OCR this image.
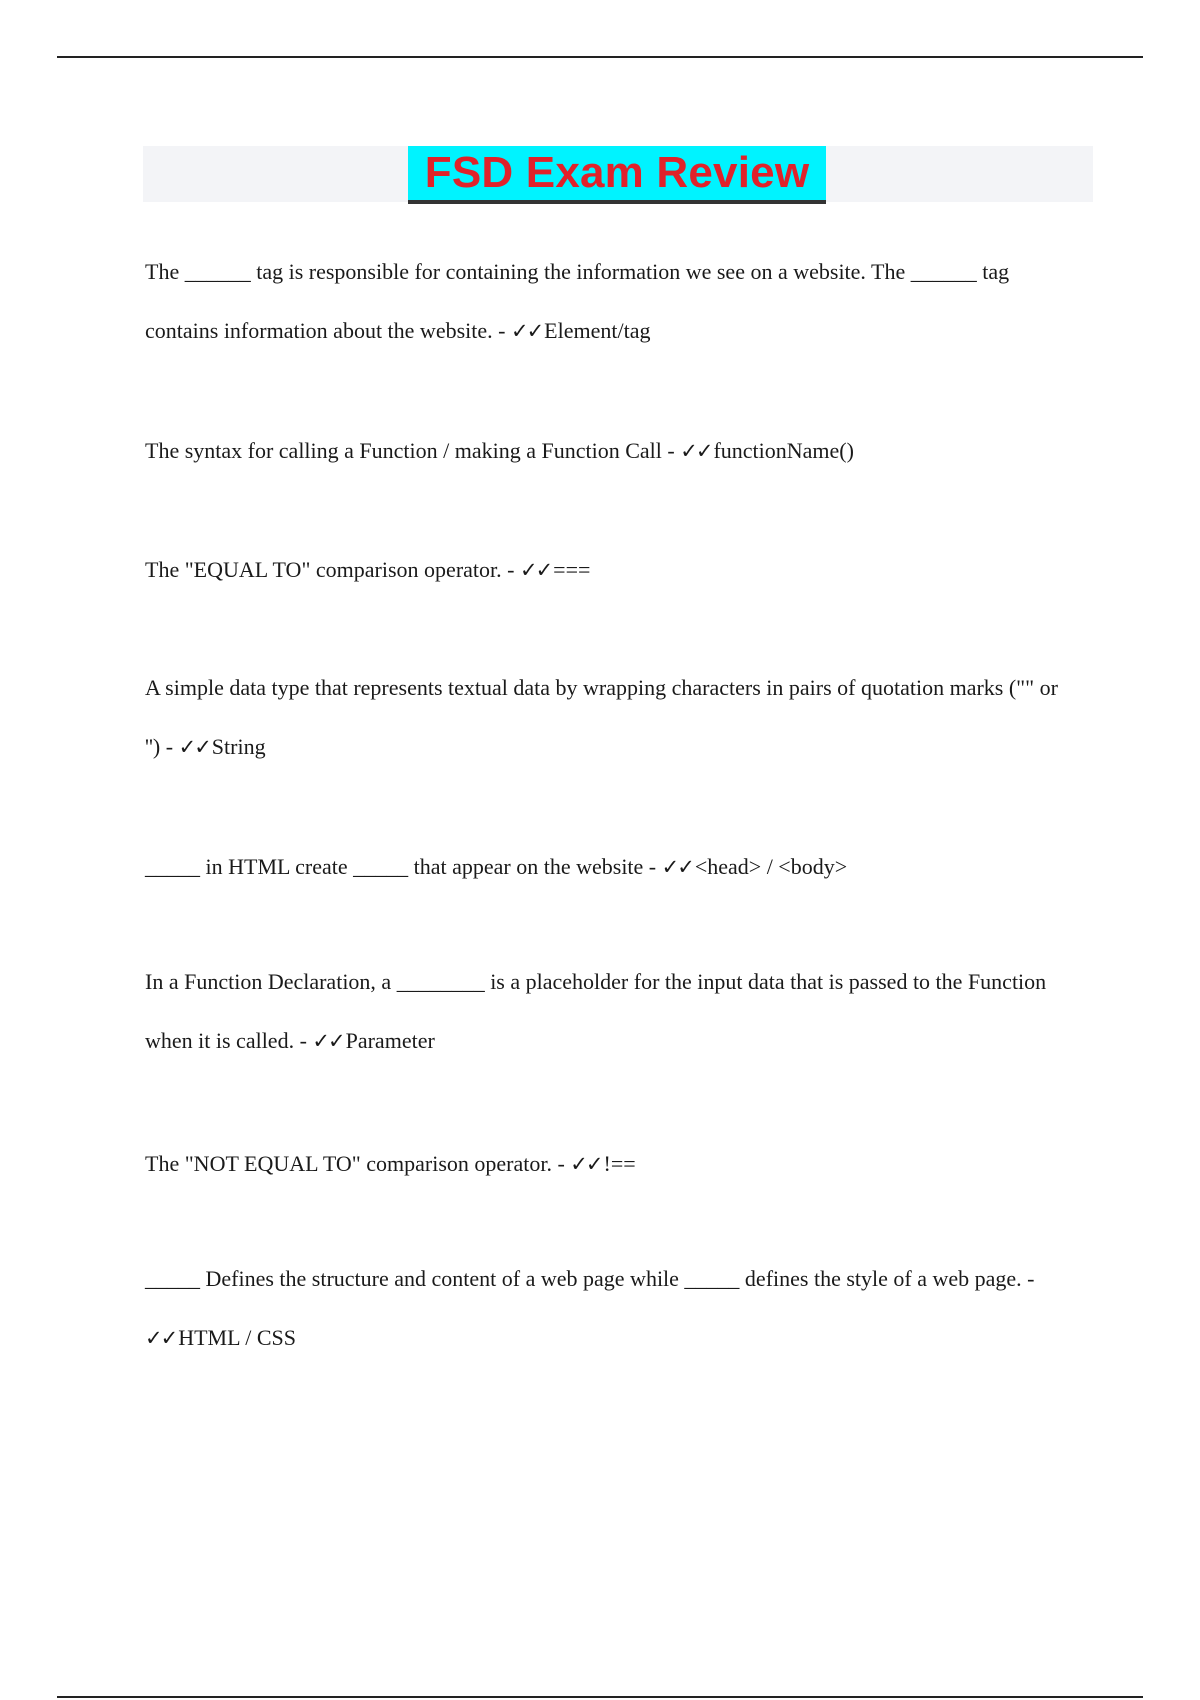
FSD Exam Review

The ______ tag is responsible for containing the information we see on a website. The ______ tag contains information about the website. - ✓✓Element/tag

The syntax for calling a Function / making a Function Call - ✓✓functionName()

The "EQUAL TO" comparison operator. - ✓✓===

A simple data type that represents textual data by wrapping characters in pairs of quotation marks ("" or '') - ✓✓String

_____ in HTML create _____ that appear on the website - ✓✓<head> / <body>

In a Function Declaration, a ________ is a placeholder for the input data that is passed to the Function when it is called. - ✓✓Parameter

The "NOT EQUAL TO" comparison operator. - ✓✓!==

_____ Defines the structure and content of a web page while _____ defines the style of a web page. - ✓✓HTML / CSS
